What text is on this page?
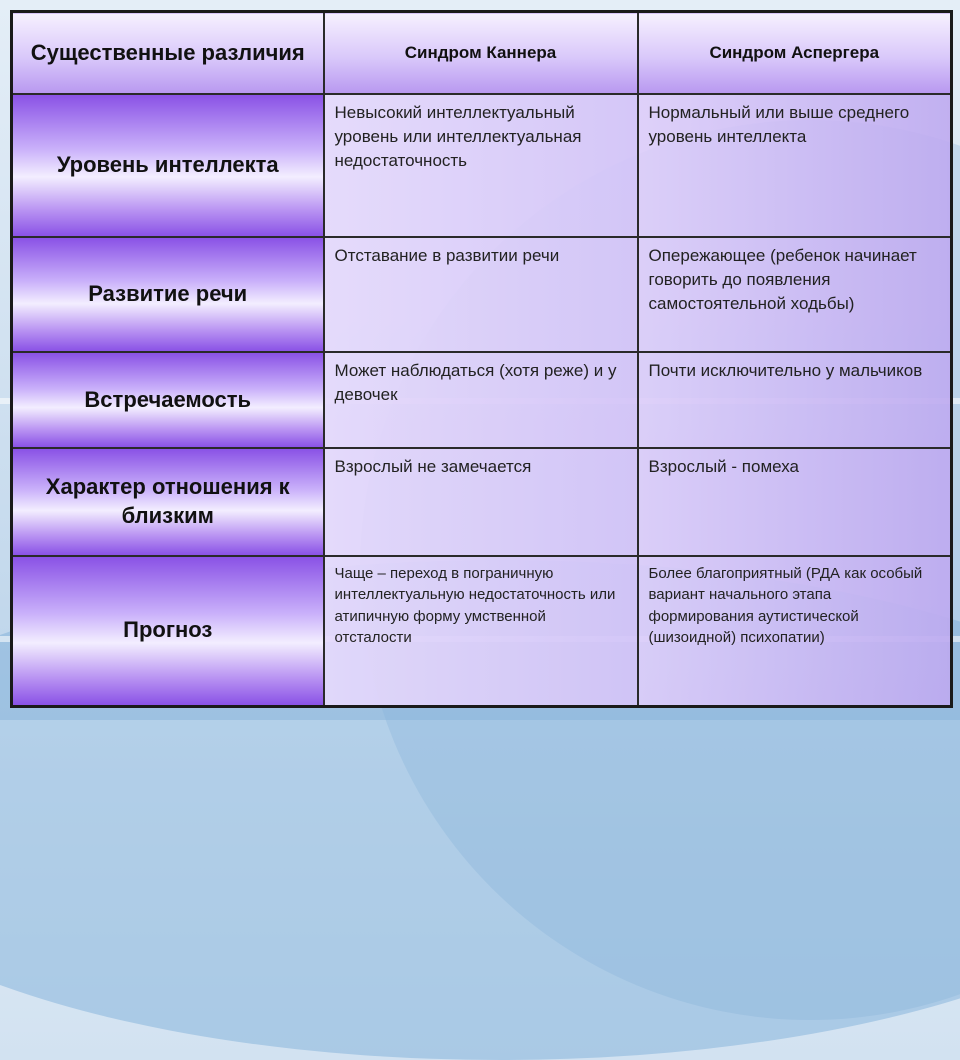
Существенные различия	Синдром Каннера	Синдром Аспергера
Уровень интеллекта	Невысокий интеллектуальный уровень или интеллектуальная недостаточность	Нормальный или выше среднего уровень интеллекта
Развитие речи	Отставание в развитии речи	Опережающее (ребенок начинает говорить до появления самостоятельной ходьбы)
Встречаемость	Может наблюдаться (хотя реже) и у девочек	Почти исключительно у мальчиков
Характер отношения к близким	Взрослый не замечается	Взрослый - помеха
Прогноз	Чаще – переход в пограничную интеллектуальную недостаточность или атипичную форму умственной отсталости	Более благоприятный (РДА как особый вариант начального этапа формирования аутистической (шизоидной) психопатии)
